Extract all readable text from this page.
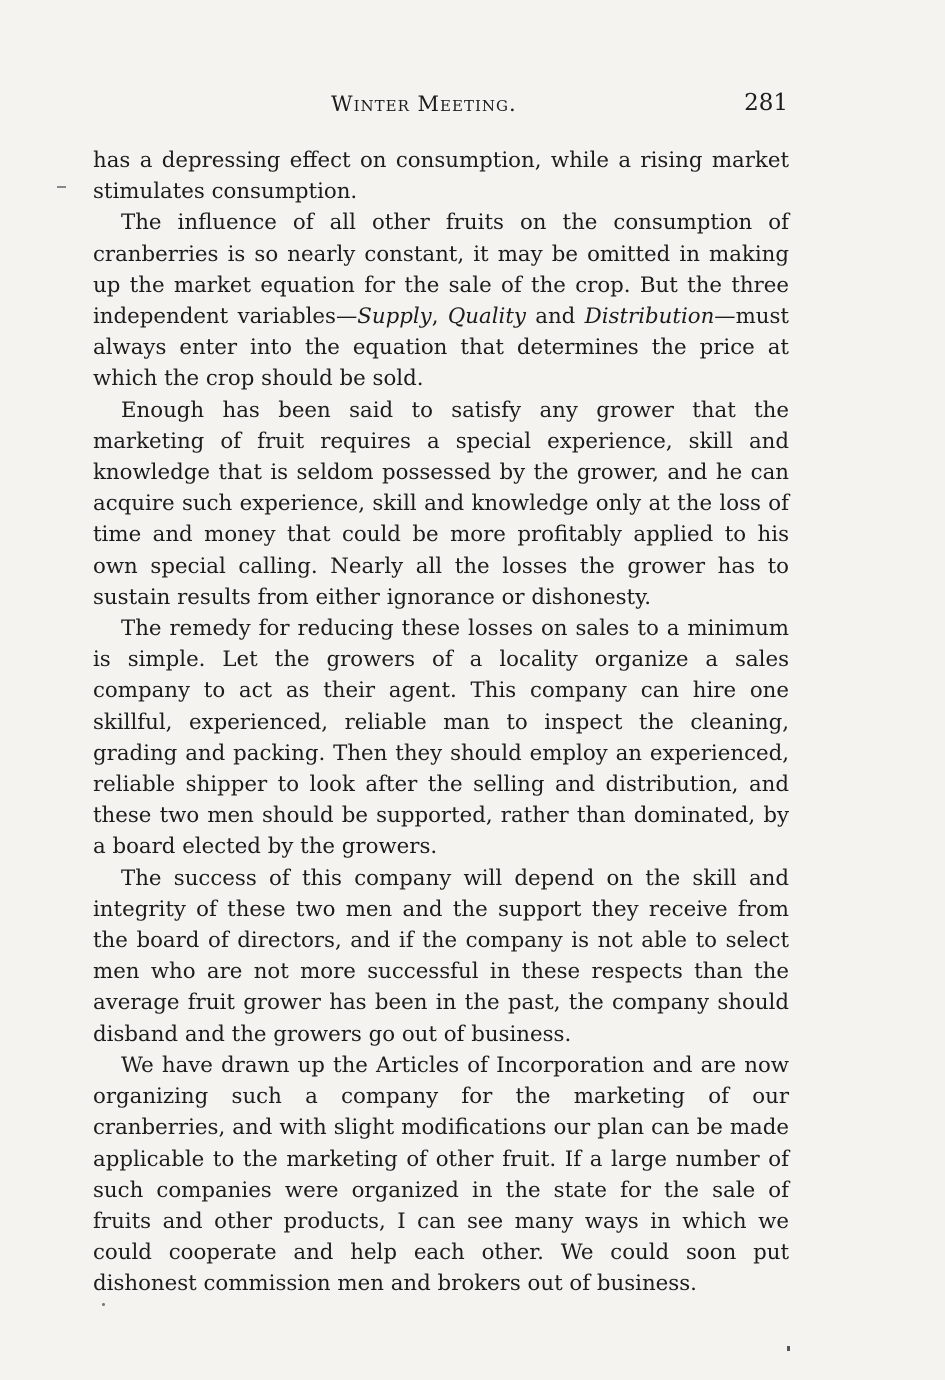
Winter Meeting.	281

has a depressing effect on consumption, while a rising market stimulates consumption.

The influence of all other fruits on the consumption of cranberries is so nearly constant, it may be omitted in making up the market equation for the sale of the crop. But the three independent variables—Supply, Quality and Distribution—must always enter into the equation that determines the price at which the crop should be sold.

Enough has been said to satisfy any grower that the marketing of fruit requires a special experience, skill and knowledge that is seldom possessed by the grower, and he can acquire such experience, skill and knowledge only at the loss of time and money that could be more profitably applied to his own special calling. Nearly all the losses the grower has to sustain results from either ignorance or dishonesty.

The remedy for reducing these losses on sales to a minimum is simple. Let the growers of a locality organize a sales company to act as their agent. This company can hire one skillful, experienced, reliable man to inspect the cleaning, grading and packing. Then they should employ an experienced, reliable shipper to look after the selling and distribution, and these two men should be supported, rather than dominated, by a board elected by the growers.

The success of this company will depend on the skill and integrity of these two men and the support they receive from the board of directors, and if the company is not able to select men who are not more successful in these respects than the average fruit grower has been in the past, the company should disband and the growers go out of business.

We have drawn up the Articles of Incorporation and are now organizing such a company for the marketing of our cranberries, and with slight modifications our plan can be made applicable to the marketing of other fruit. If a large number of such companies were organized in the state for the sale of fruits and other products, I can see many ways in which we could cooperate and help each other. We could soon put dishonest commission men and brokers out of business.
